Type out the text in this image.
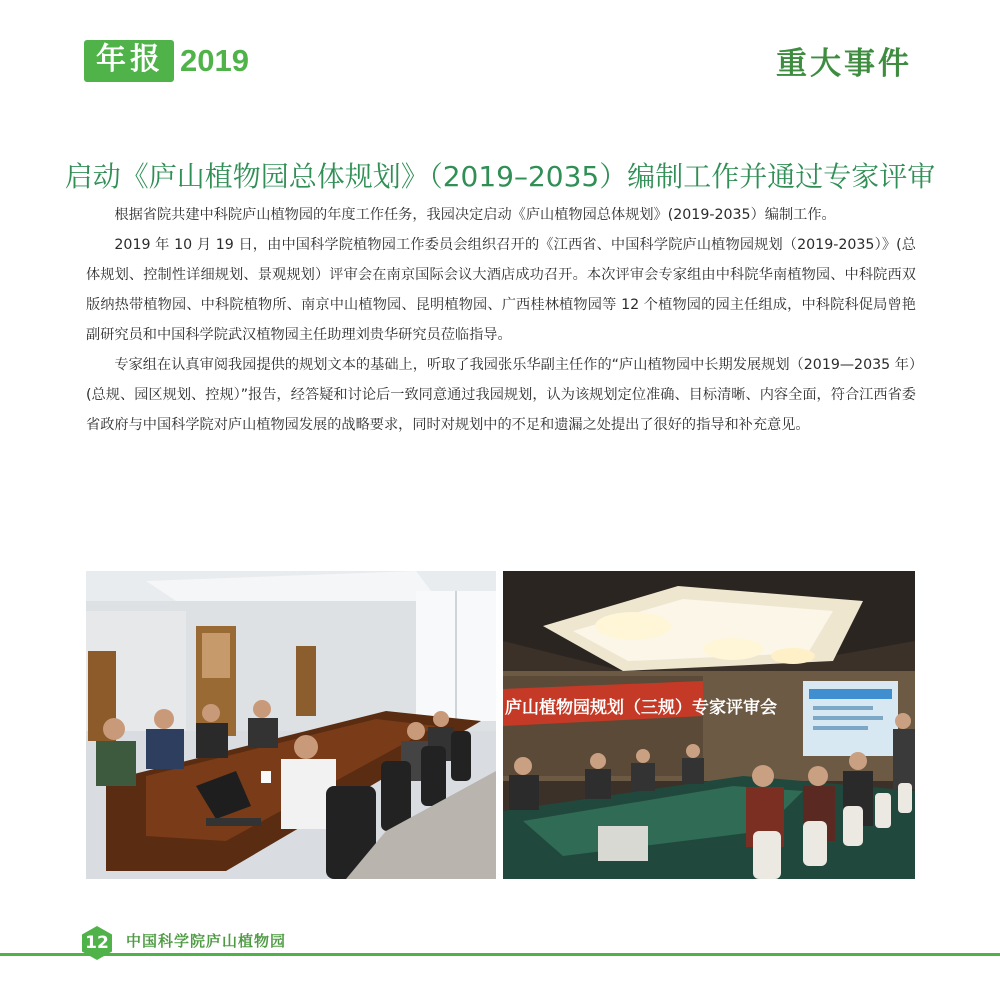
年报 2019	重大事件
启动《庐山植物园总体规划》（2019–2035）编制工作并通过专家评审

根据省院共建中科院庐山植物园的年度工作任务，我园决定启动《庐山植物园总体规划》(2019-2035）编制工作。

2019 年 10 月 19 日，由中国科学院植物园工作委员会组织召开的《江西省、中国科学院庐山植物园规划（2019-2035）》(总体规划、控制性详细规划、景观规划）评审会在南京国际会议大酒店成功召开。本次评审会专家组由中科院华南植物园、中科院西双版纳热带植物园、中科院植物所、南京中山植物园、昆明植物园、广西桂林植物园等 12 个植物园的园主任组成，中科院科促局曾艳副研究员和中国科学院武汉植物园主任助理刘贵华研究员莅临指导。

专家组在认真审阅我园提供的规划文本的基础上，听取了我园张乐华副主任作的“庐山植物园中长期发展规划（2019—2035 年）(总规、园区规划、控规）”报告，经答疑和讨论后一致同意通过我园规划，认为该规划定位准确、目标清晰、内容全面，符合江西省委省政府与中国科学院对庐山植物园发展的战略要求，同时对规划中的不足和遗漏之处提出了很好的指导和补充意见。

庐山植物园规划（三规）专家评审会
12	中国科学院庐山植物园
